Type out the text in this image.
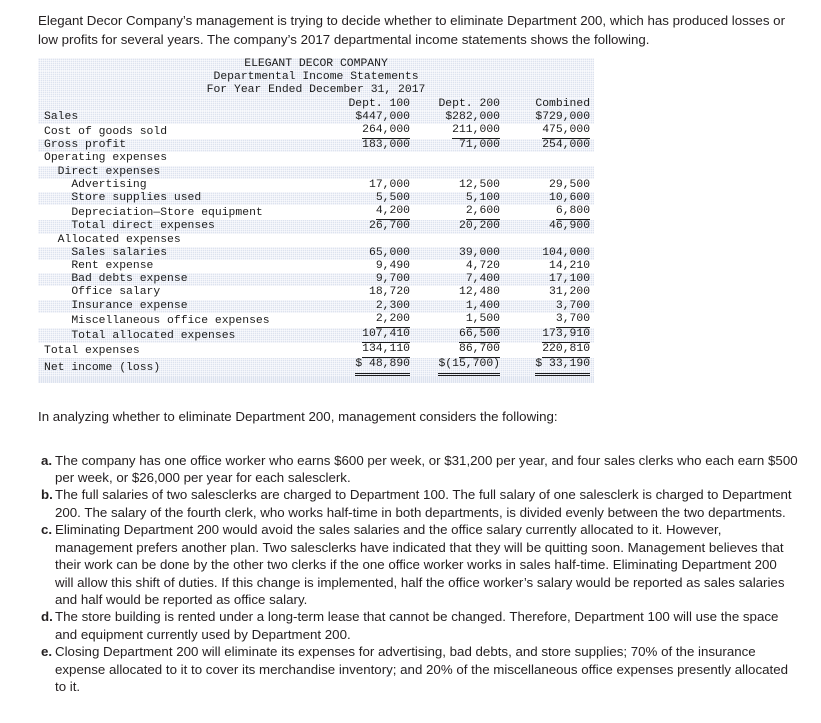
Elegant Decor Company’s management is trying to decide whether to eliminate Department 200, which has produced losses or low profits for several years. The company’s 2017 departmental income statements shows the following.

ELEGANT DECOR COMPANY			
Departmental Income Statements			
For Year Ended December 31, 2017			
	Dept. 100	Dept. 200	Combined
Sales	$447,000	$282,000	$729,000
Cost of goods sold	264,000	211,000	475,000
Gross profit	183,000	71,000	254,000
Operating expenses			
Direct expenses			
Advertising	17,000	12,500	29,500
Store supplies used	5,500	5,100	10,600
Depreciation—Store equipment	4,200	2,600	6,800
Total direct expenses	26,700	20,200	46,900
Allocated expenses			
Sales salaries	65,000	39,000	104,000
Rent expense	9,490	4,720	14,210
Bad debts expense	9,700	7,400	17,100
Office salary	18,720	12,480	31,200
Insurance expense	2,300	1,400	3,700
Miscellaneous office expenses	2,200	1,500	3,700
Total allocated expenses	107,410	66,500	173,910
Total expenses	134,110	86,700	220,810
Net income (loss)	$ 48,890	$(15,700)	$ 33,190

In analyzing whether to eliminate Department 200, management considers the following:

a. The company has one office worker who earns $600 per week, or $31,200 per year, and four sales clerks who each earn $500 per week, or $26,000 per year for each salesclerk.
b. The full salaries of two salesclerks are charged to Department 100. The full salary of one salesclerk is charged to Department 200. The salary of the fourth clerk, who works half-time in both departments, is divided evenly between the two departments.
c. Eliminating Department 200 would avoid the sales salaries and the office salary currently allocated to it. However, management prefers another plan. Two salesclerks have indicated that they will be quitting soon. Management believes that their work can be done by the other two clerks if the one office worker works in sales half-time. Eliminating Department 200 will allow this shift of duties. If this change is implemented, half the office worker’s salary would be reported as sales salaries and half would be reported as office salary.
d. The store building is rented under a long-term lease that cannot be changed. Therefore, Department 100 will use the space and equipment currently used by Department 200.
e. Closing Department 200 will eliminate its expenses for advertising, bad debts, and store supplies; 70% of the insurance expense allocated to it to cover its merchandise inventory; and 20% of the miscellaneous office expenses presently allocated to it.
